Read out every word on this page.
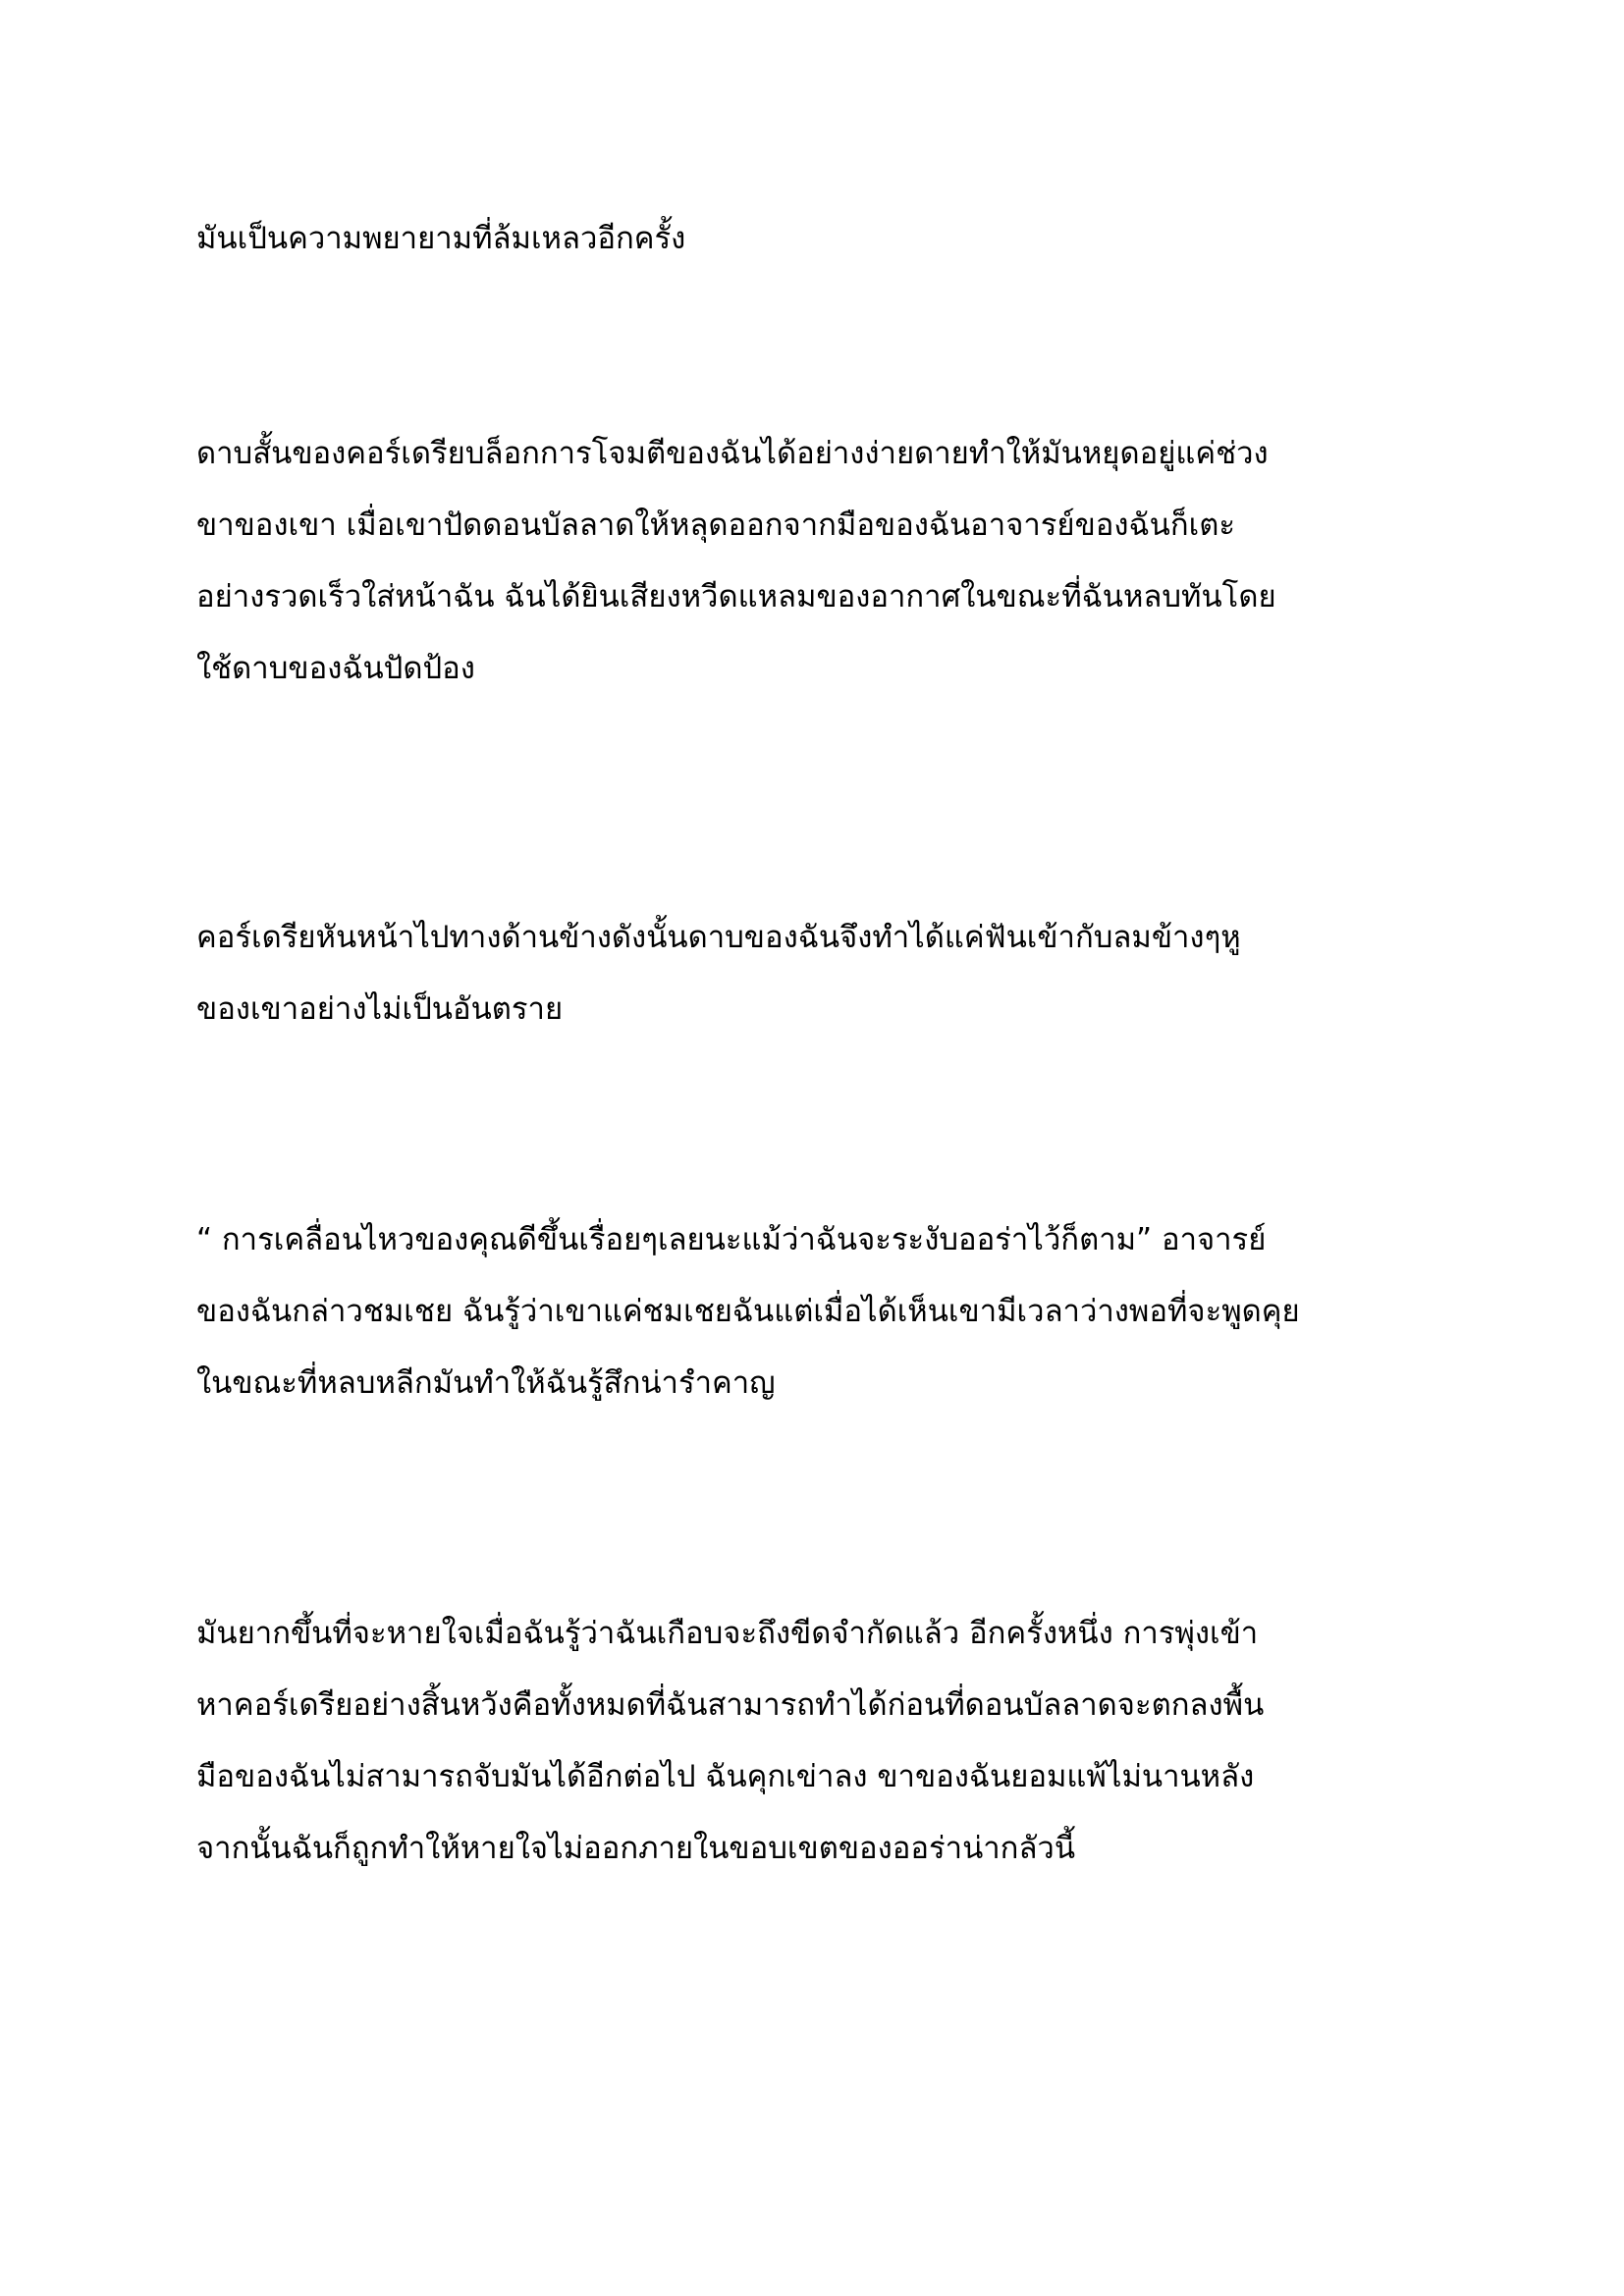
มันเป็นความพยายามที่ล้มเหลวอีกครั้ง
ดาบสั้นของคอร์เดรียบล็อกการโจมตีของฉันได้อย่างง่ายดายทำให้มันหยุดอยู่แค่ช่วง
ขาของเขา เมื่อเขาปัดดอนบัลลาดให้หลุดออกจากมือของฉันอาจารย์ของฉันก็เตะ
อย่างรวดเร็วใส่หน้าฉัน ฉันได้ยินเสียงหวีดแหลมของอากาศในขณะที่ฉันหลบทันโดย
ใช้ดาบของฉันปัดป้อง
คอร์เดรียหันหน้าไปทางด้านข้างดังนั้นดาบของฉันจึงทำได้แค่ฟันเข้ากับลมข้างๆหู
ของเขาอย่างไม่เป็นอันตราย
“ การเคลื่อนไหวของคุณดีขึ้นเรื่อยๆเลยนะแม้ว่าฉันจะระงับออร่าไว้ก็ตาม” อาจารย์
ของฉันกล่าวชมเชย ฉันรู้ว่าเขาแค่ชมเชยฉันแต่เมื่อได้เห็นเขามีเวลาว่างพอที่จะพูดคุย
ในขณะที่หลบหลีกมันทำให้ฉันรู้สึกน่ารำคาญ
มันยากขึ้นที่จะหายใจเมื่อฉันรู้ว่าฉันเกือบจะถึงขีดจำกัดแล้ว อีกครั้งหนึ่ง การพุ่งเข้า
หาคอร์เดรียอย่างสิ้นหวังคือทั้งหมดที่ฉันสามารถทำได้ก่อนที่ดอนบัลลาดจะตกลงพื้น
มือของฉันไม่สามารถจับมันได้อีกต่อไป ฉันคุกเข่าลง ขาของฉันยอมแพ้ไม่นานหลัง
จากนั้นฉันก็ถูกทำให้หายใจไม่ออกภายในขอบเขตของออร่าน่ากลัวนี้
